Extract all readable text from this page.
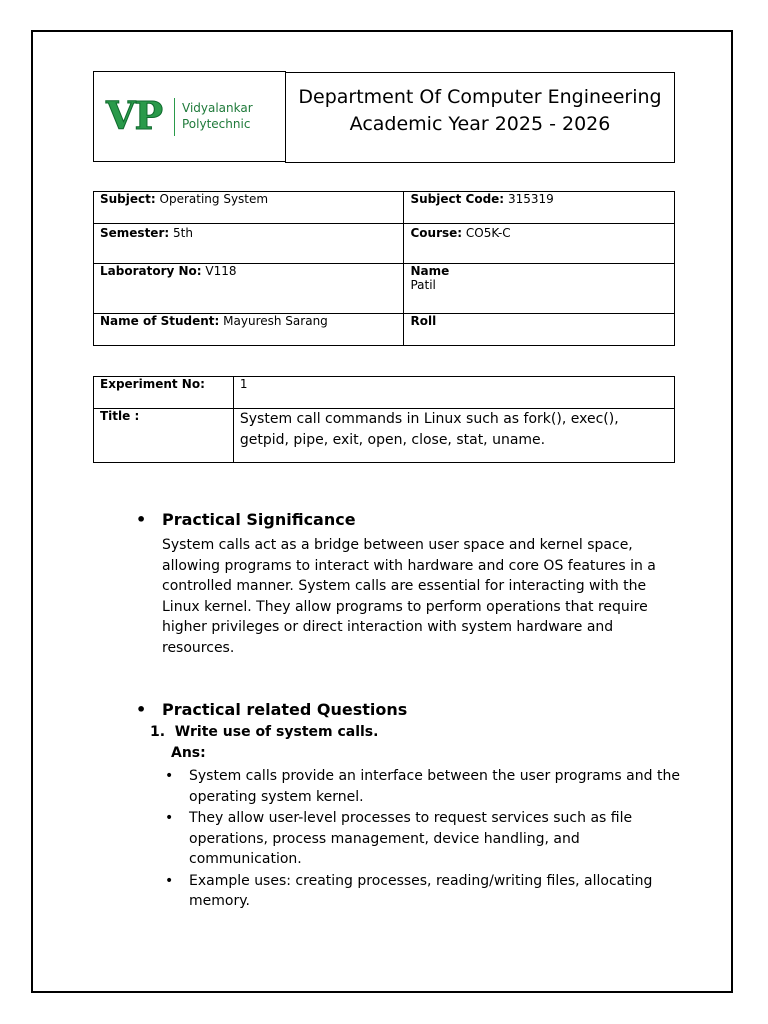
VP Vidyalankar
Polytechnic
Department Of Computer Engineering
Academic Year 2025 - 2026
Subject: Operating System	Subject Code: 315319
Semester: 5th	Course: CO5K-C
Laboratory No: V118	Name
Patil

Name of Student: Mayuresh Sarang	Roll
Experiment No:	1
Title :	System call commands in Linux such as fork(), exec(), getpid, pipe, exit, open, close, stat, uname.
• Practical Significance
System calls act as a bridge between user space and kernel space, allowing programs to interact with hardware and core OS features in a controlled manner. System calls are essential for interacting with the Linux kernel. They allow programs to perform operations that require higher privileges or direct interaction with system hardware and resources.
• Practical related Questions
1.  Write use of system calls.
Ans:
•	System calls provide an interface between the user programs and the operating system kernel.
•	They allow user-level processes to request services such as file operations, process management, device handling, and communication.
•	Example uses: creating processes, reading/writing files, allocating memory.
